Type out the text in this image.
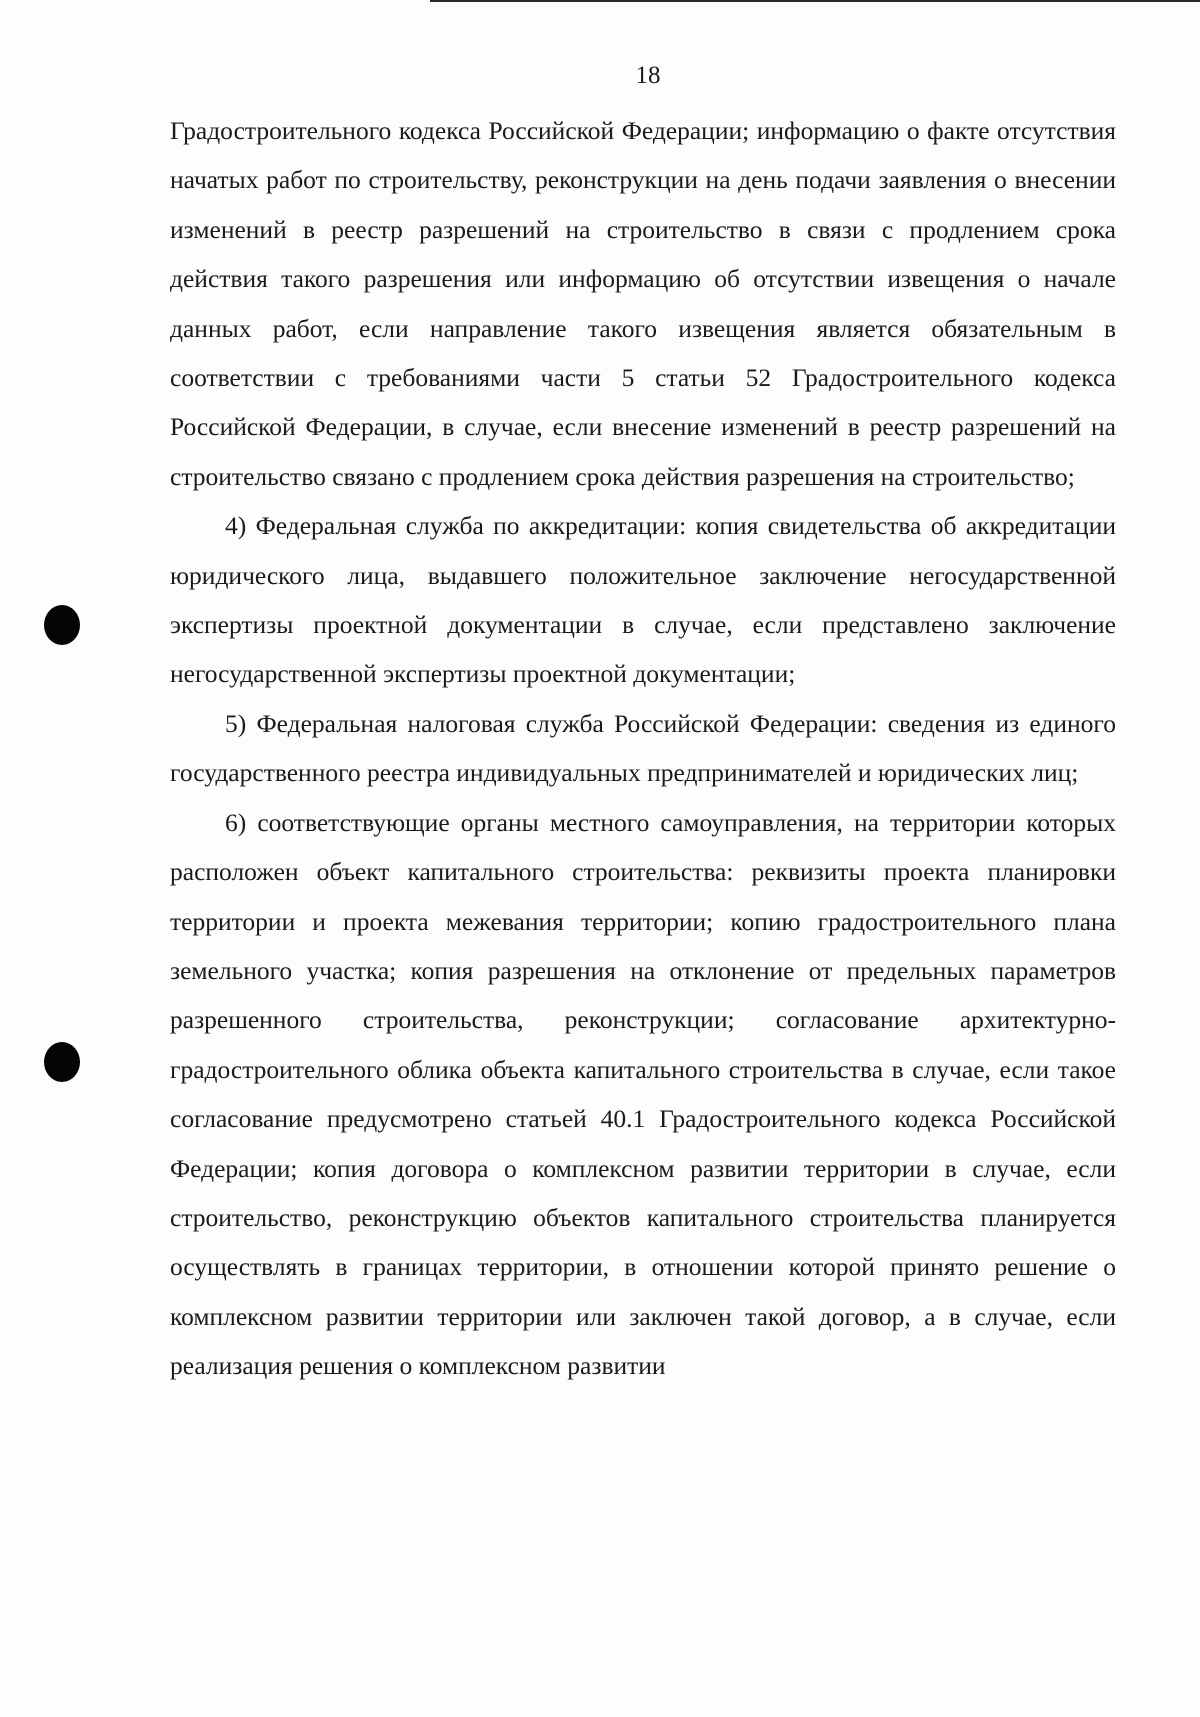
18

Градостроительного кодекса Российской Федерации; информацию о факте отсутствия начатых работ по строительству, реконструкции на день подачи заявления о внесении изменений в реестр разрешений на строительство в связи с продлением срока действия такого разрешения или информацию об отсутствии извещения о начале данных работ, если направление такого извещения является обязательным в соответствии с требованиями части 5 статьи 52 Градостроительного кодекса Российской Федерации, в случае, если внесение изменений в реестр разрешений на строительство связано с продлением срока действия разрешения на строительство;

4) Федеральная служба по аккредитации: копия свидетельства об аккредитации юридического лица, выдавшего положительное заключение негосударственной экспертизы проектной документации в случае, если представлено заключение негосударственной экспертизы проектной документации;

5) Федеральная налоговая служба Российской Федерации: сведения из единого государственного реестра индивидуальных предпринимателей и юридических лиц;

6) соответствующие органы местного самоуправления, на территории которых расположен объект капитального строительства: реквизиты проекта планировки территории и проекта межевания территории; копию градостроительного плана земельного участка; копия разрешения на отклонение от предельных параметров разрешенного строительства, реконструкции; согласование архитектурно-градостроительного облика объекта капитального строительства в случае, если такое согласование предусмотрено статьей 40.1 Градостроительного кодекса Российской Федерации; копия договора о комплексном развитии территории в случае, если строительство, реконструкцию объектов капитального строительства планируется осуществлять в границах территории, в отношении которой принято решение о комплексном развитии территории или заключен такой договор, а в случае, если реализация решения о комплексном развитии
